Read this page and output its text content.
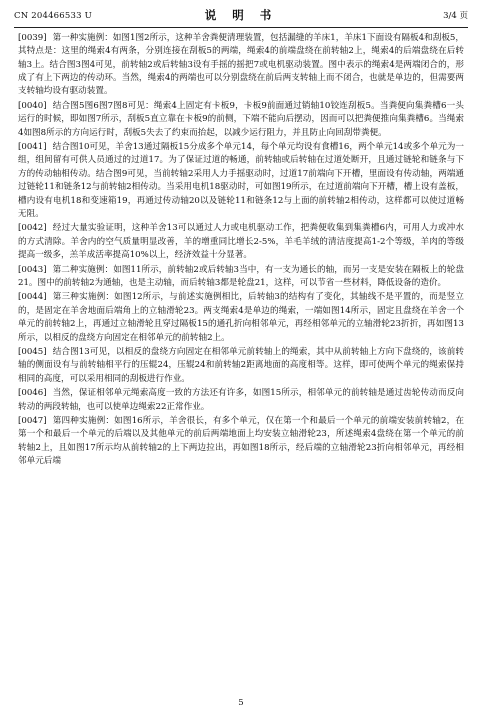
CN 204466533 U	说 明 书	3/4 页

[0039] 第一种实施例：如图1图2所示，这种羊舍粪便清理装置，包括漏缝的羊床1，羊床1下面设有隔板4和刮板5，其特点是：这里的绳索4有两条，分别连接在刮板5的两端，绳索4的前端盘绕在前转轴2上，绳索4的后端盘绕在后转轴3上。结合图3图4可见，前转轴2或后转轴3设有手摇的摇把7或电机驱动装置。图中表示的绳索4是两端闭合的，形成了有上下两边的传动环。当然，绳索4的两端也可以分别盘绕在前后两支转轴上而不闭合，也就是单边的，但需要两支转轴均设有驱动装置。

[0040] 结合图5图6图7图8可见：绳索4上固定有卡板9，卡板9前面通过销轴10铰连刮板5。当粪便向集粪槽6一头运行的时候，即如图7所示，刮板5直立靠在卡板9的前侧，下端不能向后摆动，因而可以把粪便推向集粪槽6。当绳索4如图8所示的方向运行时，刮板5失去了约束而抬起，以减少运行阻力，并且防止向回刮带粪便。

[0041] 结合图10可见，羊舍13通过隔板15分成多个单元14，每个单元均设有食槽16，两个单元14或多个单元为一组，组间留有可供人员通过的过道17。为了保证过道的畅通，前转轴或后转轴在过道处断开，且通过链轮和链条与下方的传动轴相传动。结合图9可见，当前转轴2采用人力手摇驱动时，过道17前端向下开槽，里面设有传动轴，两端通过链轮11和链条12与前转轴2相传动。当采用电机18驱动时，可如图19所示，在过道前端向下开槽，槽上设有盖板，槽内设有电机18和变速箱19，再通过传动轴20以及链轮11和链条12与上面的前转轴2相传动，这样都可以使过道畅无阻。

[0042] 经过大量实验证明，这种羊舍13可以通过人力或电机驱动工作，把粪便收集到集粪槽6内，可用人力或冲水的方式清除。羊舍内的空气质量明显改善，羊的增重同比增长2-5%，羊毛羊绒的清洁度提高1-2个等级，羊肉的等级提高一级多，羔羊成活率提高10%以上，经济效益十分显著。

[0043] 第二种实施例：如图11所示，前转轴2或后转轴3当中，有一支为通长的轴，而另一支是安装在隔板上的轮盘21。图中的前转轴2为通轴，也是主动轴，而后转轴3都是轮盘21，这样，可以节省一些材料，降低设备的造价。

[0044] 第三种实施例：如图12所示，与前述实施例相比，后转轴3的结构有了变化，其轴线不是平置的，而是竖立的，是固定在羊舍地面后端角上的立轴滑轮23。两支绳索4是单边的绳索，一端如图14所示，固定且盘绕在羊舍一个单元的前转轴2上，再通过立轴滑轮且穿过隔板15的通孔折向相邻单元，再经相邻单元的立轴滑轮23折折，再如图13所示，以相反的盘绕方向固定在相邻单元的前转轴2上。

[0045] 结合图13可见，以相反的盘绕方向固定在相邻单元前转轴上的绳索，其中从前转轴上方向下盘绕的，该前转轴的侧面设有与前转轴相平行的压辊24，压辊24和前转轴2距离地面的高度相等。这样，即可使两个单元的绳索保持相同的高度，可以采用相同的刮板进行作业。

[0046] 当然，保证相邻单元绳索高度一致的方法还有许多，如图15所示，相邻单元的前转轴是通过齿轮传动而反向转动的两段转轴，也可以使单边绳索22正常作业。

[0047] 第四种实施例：如图16所示，羊舍很长，有多个单元，仅在第一个和最后一个单元的前端安装前转轴2，在第一个和最后一个单元的后端以及其他单元的前后两端地面上均安装立轴滑轮23，所述绳索4盘绕在第一个单元的前转轴2上，且如图17所示均从前转轴2的上下两边拉出，再如图18所示，经后端的立轴滑轮23折向相邻单元，再经相邻单元后端

5
